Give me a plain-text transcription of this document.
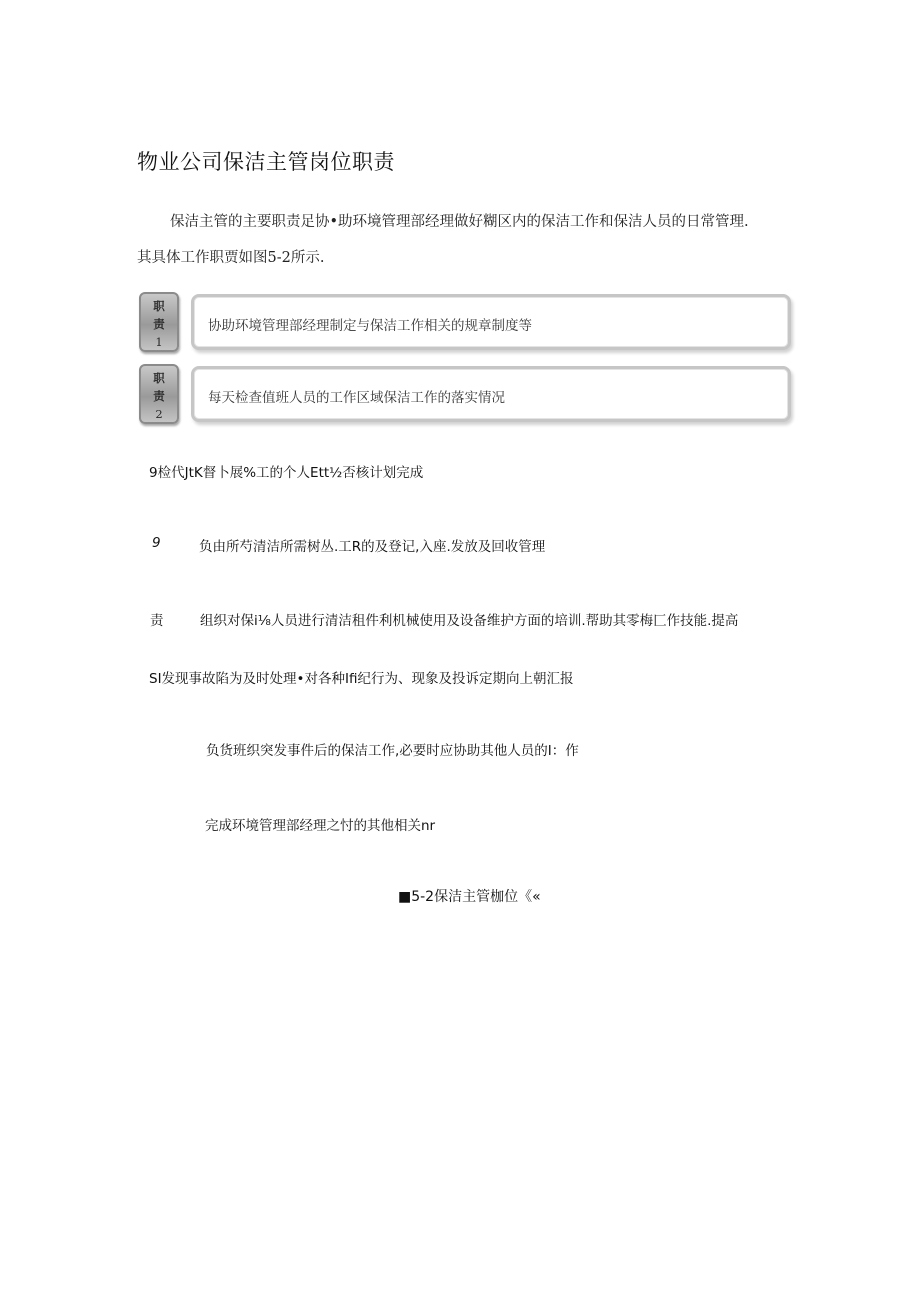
物业公司保洁主管岗位职责
保洁主管的主要职责足协•助环境管理部经理做好糊区内的保洁工作和保洁人员的日常管理.
其具体工作职贾如图5-2所示.
职
责
1
协助环境管理部经理制定与保洁工作相关的规章制度等
职
责
2
每天检查值班人员的工作区域保洁工作的落实情况
9检代JtK督卜展%工的个人Ett½否核计划完成
9	负由所芍清洁所需树丛.工R的及登记,入座.发放及回收管理
责	组织对保i⅛人员进行清洁租件利机械使用及设备维护方面的培训.帮助其零梅匚作技能.提高
SI发现事故陷为及时处理•对各种Ifi纪行为、现象及投诉定期向上朝汇报
负货班织突发事件后的保洁工作,必要时应协助其他人员的I：作
完成环境管理部经理之忖的其他相关nr
■5-2保洁主管枷位《«
